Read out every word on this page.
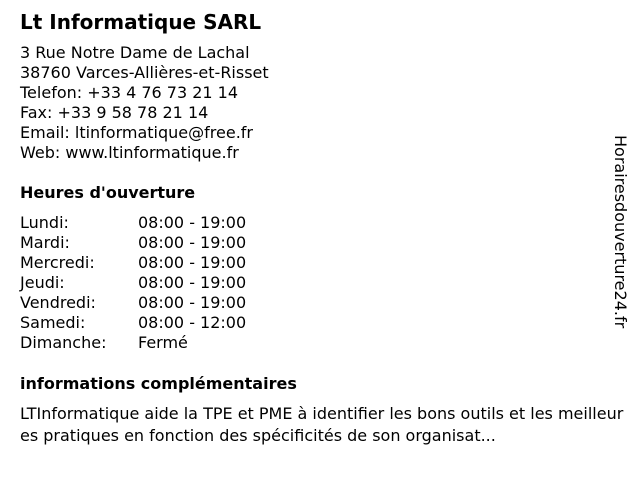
Lt Informatique SARL
3 Rue Notre Dame de Lachal
38760 Varces-Allières-et-Risset
Telefon: +33 4 76 73 21 14
Fax: +33 9 58 78 21 14
Email: ltinformatique@free.fr
Web: www.ltinformatique.fr
Heures d'ouverture
Lundi:	08:00 - 19:00
Mardi:	08:00 - 19:00
Mercredi:	08:00 - 19:00
Jeudi:	08:00 - 19:00
Vendredi:	08:00 - 19:00
Samedi:	08:00 - 12:00
Dimanche: Fermé
informations complémentaires
LTInformatique aide la TPE et PME à identifier les bons outils et les meilleures pratiques en fonction des spécificités de son organisat...
Horairesdouverture24.fr
